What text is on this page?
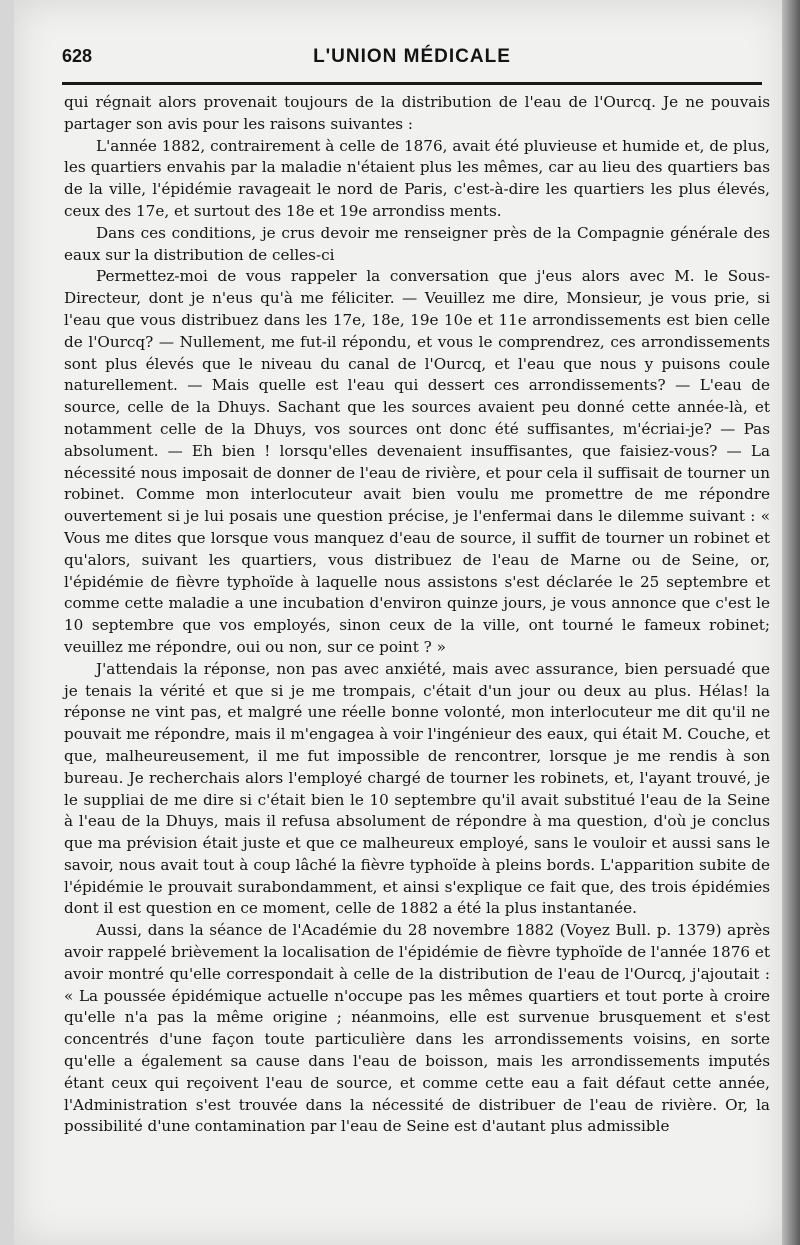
628	L'UNION MÉDICALE

qui régnait alors provenait toujours de la distribution de l'eau de l'Ourcq. Je ne pouvais partager son avis pour les raisons suivantes :

L'année 1882, contrairement à celle de 1876, avait été pluvieuse et humide et, de plus, les quartiers envahis par la maladie n'étaient plus les mêmes, car au lieu des quartiers bas de la ville, l'épidémie ravageait le nord de Paris, c'est-à-dire les quartiers les plus élevés, ceux des 17e, et surtout des 18e et 19e arrondiss ments.

Dans ces conditions, je crus devoir me renseigner près de la Compagnie générale des eaux sur la distribution de celles-ci

Permettez-moi de vous rappeler la conversation que j'eus alors avec M. le Sous-Directeur, dont je n'eus qu'à me féliciter. — Veuillez me dire, Monsieur, je vous prie, si l'eau que vous distribuez dans les 17e, 18e, 19e 10e et 11e arrondissements est bien celle de l'Ourcq? — Nullement, me fut-il répondu, et vous le comprendrez, ces arrondissements sont plus élevés que le niveau du canal de l'Ourcq, et l'eau que nous y puisons coule naturellement. — Mais quelle est l'eau qui dessert ces arrondissements? — L'eau de source, celle de la Dhuys. Sachant que les sources avaient peu donné cette année-là, et notamment celle de la Dhuys, vos sources ont donc été suffisantes, m'écriai-je? — Pas absolument. — Eh bien ! lorsqu'elles devenaient insuffisantes, que faisiez-vous? — La nécessité nous imposait de donner de l'eau de rivière, et pour cela il suffisait de tourner un robinet. Comme mon interlocuteur avait bien voulu me promettre de me répondre ouvertement si je lui posais une question précise, je l'enfermai dans le dilemme suivant : « Vous me dites que lorsque vous manquez d'eau de source, il suffit de tourner un robinet et qu'alors, suivant les quartiers, vous distribuez de l'eau de Marne ou de Seine, or, l'épidémie de fièvre typhoïde à laquelle nous assistons s'est déclarée le 25 septembre et comme cette maladie a une incubation d'environ quinze jours, je vous annonce que c'est le 10 septembre que vos employés, sinon ceux de la ville, ont tourné le fameux robinet; veuillez me répondre, oui ou non, sur ce point ? »

J'attendais la réponse, non pas avec anxiété, mais avec assurance, bien persuadé que je tenais la vérité et que si je me trompais, c'était d'un jour ou deux au plus. Hélas! la réponse ne vint pas, et malgré une réelle bonne volonté, mon interlocuteur me dit qu'il ne pouvait me répondre, mais il m'engagea à voir l'ingénieur des eaux, qui était M. Couche, et que, malheureusement, il me fut impossible de rencontrer, lorsque je me rendis à son bureau. Je recherchais alors l'employé chargé de tourner les robinets, et, l'ayant trouvé, je le suppliai de me dire si c'était bien le 10 septembre qu'il avait substitué l'eau de la Seine à l'eau de la Dhuys, mais il refusa absolument de répondre à ma question, d'où je conclus que ma prévision était juste et que ce malheureux employé, sans le vouloir et aussi sans le savoir, nous avait tout à coup lâché la fièvre typhoïde à pleins bords. L'apparition subite de l'épidémie le prouvait surabondamment, et ainsi s'explique ce fait que, des trois épidémies dont il est question en ce moment, celle de 1882 a été la plus instantanée.

Aussi, dans la séance de l'Académie du 28 novembre 1882 (Voyez Bull. p. 1379) après avoir rappelé brièvement la localisation de l'épidémie de fièvre typhoïde de l'année 1876 et avoir montré qu'elle correspondait à celle de la distribution de l'eau de l'Ourcq, j'ajoutait : « La poussée épidémique actuelle n'occupe pas les mêmes quartiers et tout porte à croire qu'elle n'a pas la même origine ; néanmoins, elle est survenue brusquement et s'est concentrés d'une façon toute particulière dans les arrondissements voisins, en sorte qu'elle a également sa cause dans l'eau de boisson, mais les arrondissements imputés étant ceux qui reçoivent l'eau de source, et comme cette eau a fait défaut cette année, l'Administration s'est trouvée dans la nécessité de distribuer de l'eau de rivière. Or, la possibilité d'une contamination par l'eau de Seine est d'autant plus admissible
